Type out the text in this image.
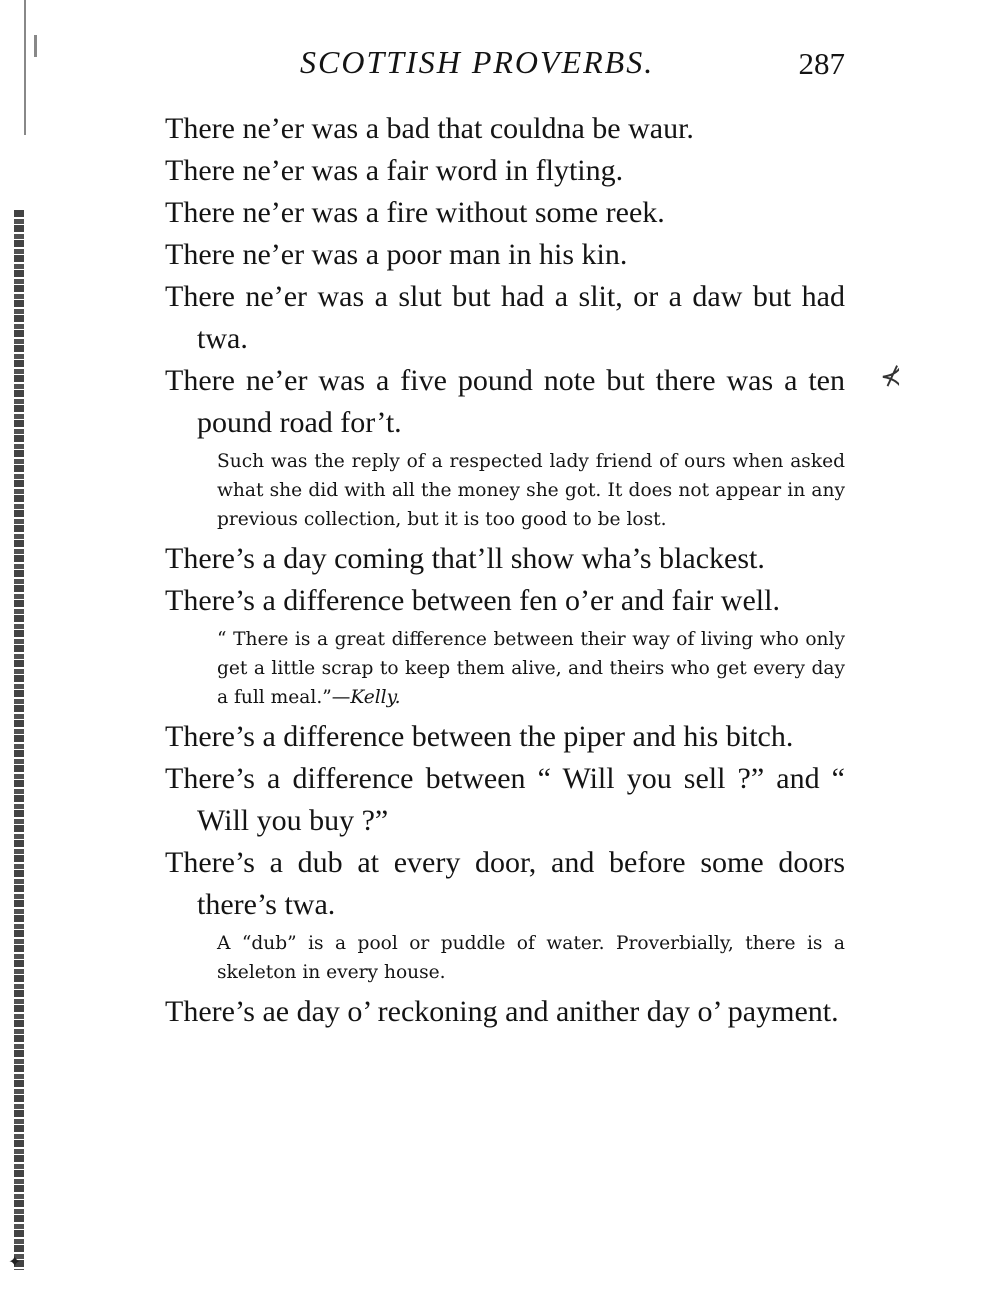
✦
SCOTTISH PROVERBS.	287
⊀

There ne’er was a bad that couldna be waur.

There ne’er was a fair word in flyting.

There ne’er was a fire without some reek.

There ne’er was a poor man in his kin.

There ne’er was a slut but had a slit, or a daw but had twa.

There ne’er was a five pound note but there was a ten pound road for’t.

Such was the reply of a respected lady friend of ours when asked what she did with all the money she got. It does not appear in any previous collection, but it is too good to be lost.

There’s a day coming that’ll show wha’s blackest.

There’s a difference between fen o’er and fair well.

“ There is a great difference between their way of living who only get a little scrap to keep them alive, and theirs who get every day a full meal.”—Kelly.

There’s a difference between the piper and his bitch.

There’s a difference between “ Will you sell ?” and “ Will you buy ?”

There’s a dub at every door, and before some doors there’s twa.

A “dub” is a pool or puddle of water. Proverbially, there is a skeleton in every house.

There’s ae day o’ reckoning and anither day o’ payment.
